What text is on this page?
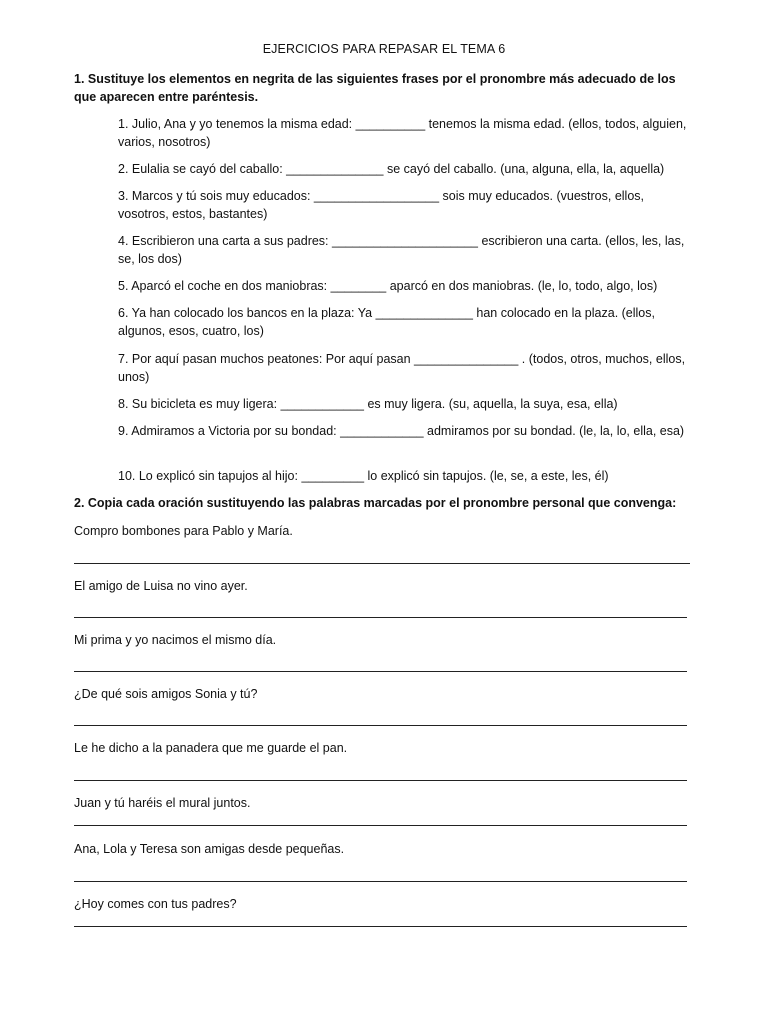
EJERCICIOS PARA REPASAR EL TEMA 6
1. Sustituye los elementos en negrita de las siguientes frases por el pronombre más adecuado de los que aparecen entre paréntesis.
1. Julio, Ana y yo tenemos la misma edad: __________ tenemos la misma edad. (ellos, todos, alguien, varios, nosotros)
2. Eulalia se cayó del caballo: ______________ se cayó del caballo. (una, alguna, ella, la, aquella)
3. Marcos y tú sois muy educados: __________________ sois muy educados. (vuestros, ellos, vosotros, estos, bastantes)
4. Escribieron una carta a sus padres: _____________________ escribieron una carta. (ellos, les, las, se, los dos)
5. Aparcó el coche en dos maniobras: ________ aparcó en dos maniobras. (le, lo, todo, algo, los)
6. Ya han colocado los bancos en la plaza: Ya ______________ han colocado en la plaza. (ellos, algunos, esos, cuatro, los)
7. Por aquí pasan muchos peatones: Por aquí pasan _______________ . (todos, otros, muchos, ellos, unos)
8. Su bicicleta es muy ligera: ____________ es muy ligera. (su, aquella, la suya, esa, ella)
9. Admiramos a Victoria por su bondad: ____________ admiramos por su bondad. (le, la, lo, ella, esa)
10. Lo explicó sin tapujos al hijo: _________ lo explicó sin tapujos. (le, se, a este, les, él)
2. Copia cada oración sustituyendo las palabras marcadas por el pronombre personal que convenga:
Compro bombones para Pablo y María.
El amigo de Luisa no vino ayer.
Mi prima y yo nacimos el mismo día.
¿De qué sois amigos Sonia y tú?
Le he dicho a la panadera que me guarde el pan.
Juan y tú haréis el mural juntos.
Ana, Lola y Teresa son amigas desde pequeñas.
¿Hoy comes con tus padres?
